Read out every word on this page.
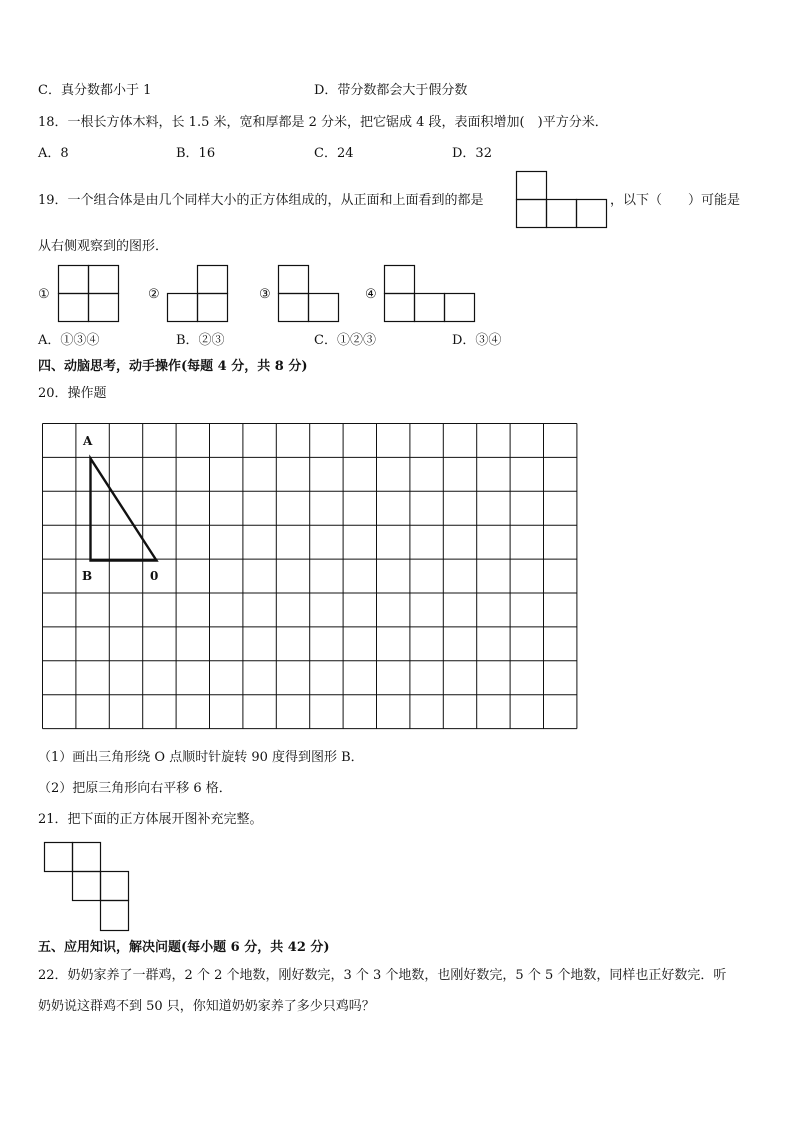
C．真分数都小于 1	D．带分数都会大于假分数
18．一根长方体木料，长 1.5 米，宽和厚都是 2 分米，把它锯成 4 段，表面积增加(　)平方分米．
A．8	B．16	C．24	D．32
19．一个组合体是由几个同样大小的正方体组成的，从正面和上面看到的都是	，以下（　　）可能是
从右侧观察到的图形．
①	②	③	④
A．①③④	B．②③	C．①②③	D．③④
四、动脑思考，动手操作(每题 4 分，共 8 分)
20．操作题
A
B	0
（1）画出三角形绕 O 点顺时针旋转 90 度得到图形 B．
（2）把原三角形向右平移 6 格．
21．把下面的正方体展开图补充完整。
五、应用知识，解决问题(每小题 6 分，共 42 分)
22．奶奶家养了一群鸡，2 个 2 个地数，刚好数完，3 个 3 个地数，也刚好数完，5 个 5 个地数，同样也正好数完．听
奶奶说这群鸡不到 50 只，你知道奶奶家养了多少只鸡吗？
